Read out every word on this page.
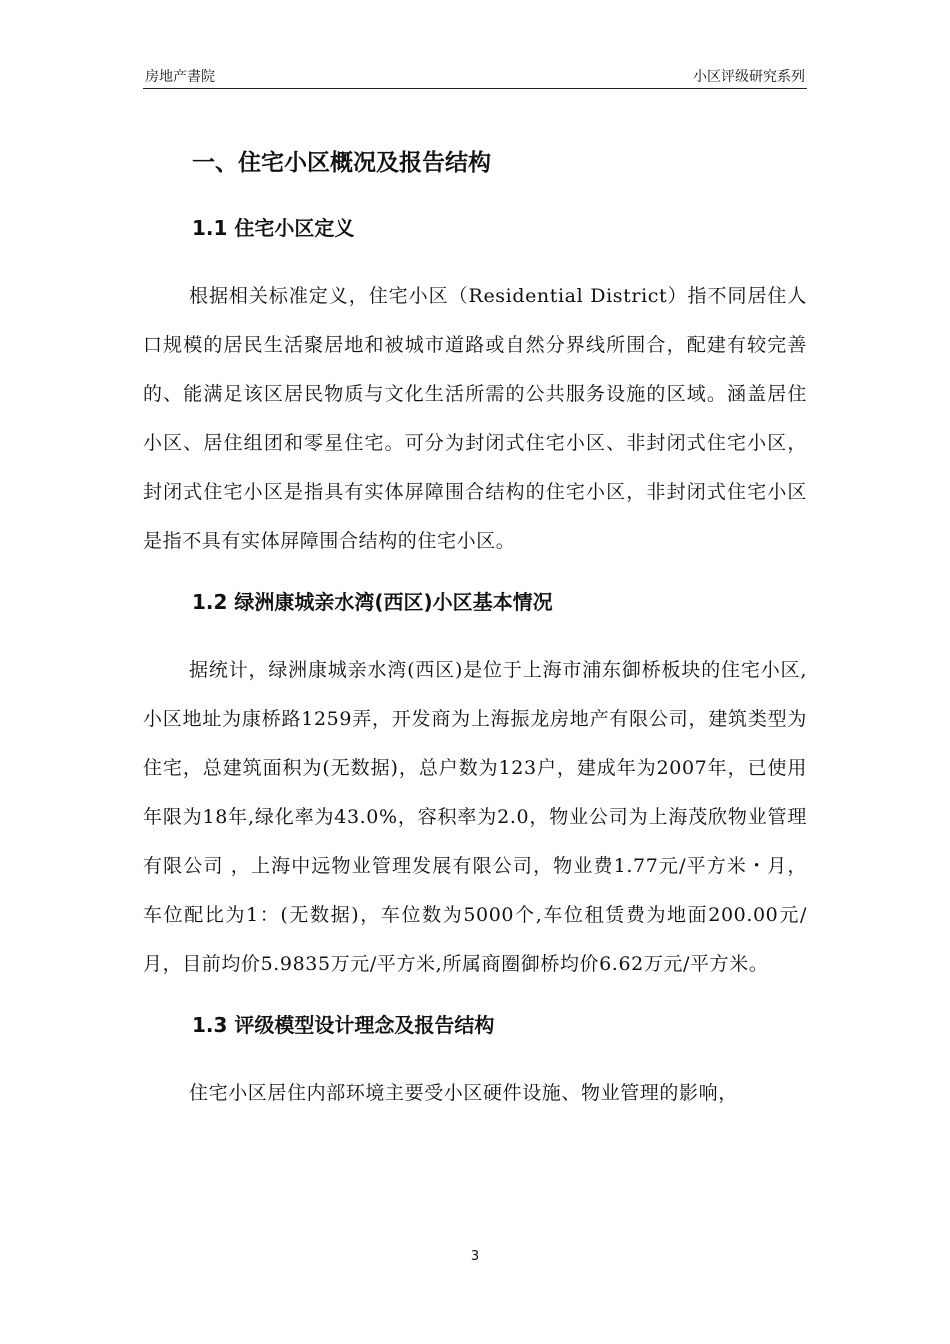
房地产書院	小区评级研究系列
一、住宅小区概况及报告结构
1.1 住宅小区定义

根据相关标准定义，住宅小区（Residential District）指不同居住人口规模的居民生活聚居地和被城市道路或自然分界线所围合，配建有较完善的、能满足该区居民物质与文化生活所需的公共服务设施的区域。涵盖居住小区、居住组团和零星住宅。可分为封闭式住宅小区、非封闭式住宅小区，封闭式住宅小区是指具有实体屏障围合结构的住宅小区，非封闭式住宅小区是指不具有实体屏障围合结构的住宅小区。

1.2 绿洲康城亲水湾(西区)小区基本情况

据统计，绿洲康城亲水湾(西区)是位于上海市浦东御桥板块的住宅小区,小区地址为康桥路1259弄，开发商为上海振龙房地产有限公司，建筑类型为住宅，总建筑面积为(无数据)，总户数为123户，建成年为2007年，已使用年限为18年,绿化率为43.0%，容积率为2.0，物业公司为上海茂欣物业管理有限公司 ，上海中远物业管理发展有限公司，物业费1.77元/平方米・月，车位配比为1：(无数据)，车位数为5000个,车位租赁费为地面200.00元/月，目前均价5.9835万元/平方米,所属商圈御桥均价6.62万元/平方米。

1.3 评级模型设计理念及报告结构

住宅小区居住内部环境主要受小区硬件设施、物业管理的影响，

3
